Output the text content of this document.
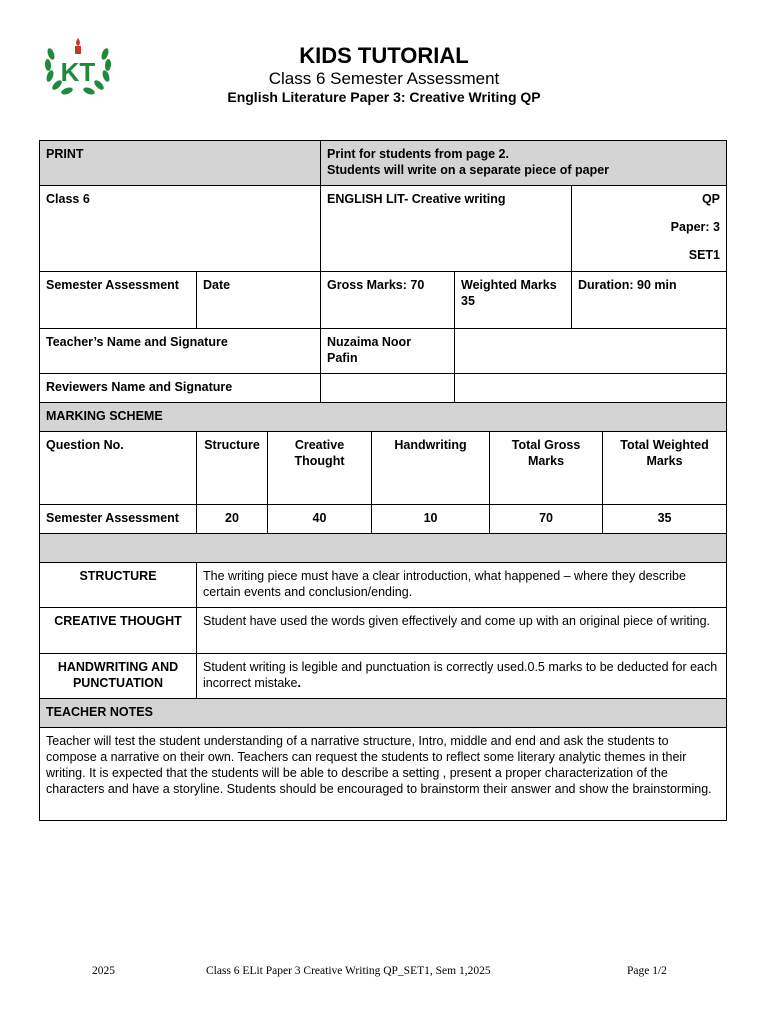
KT
KIDS TUTORIAL
Class 6 Semester Assessment
English Literature Paper 3: Creative Writing QP
PRINT			Print for students from page 2.
Students will write on a separate piece of paper					

Class 6			ENGLISH LIT- Creative writing				QP
Paper: 3
SET1	

Semester Assessment	Date		Gross Marks: 70		Weighted Marks 35		Duration: 90 min	
Teacher’s Name and Signature			Nuzaima Noor
Pafin					

Reviewers Name and Signature								
MARKING SCHEME								
Question No.	Structure	Creative Thought		Handwriting		Total Gross Marks		Total Weighted Marks
Semester Assessment	20	40		10		70		35

STRUCTURE	The writing piece must have a clear introduction, what happened – where they describe certain events and conclusion/ending.							
CREATIVE THOUGHT	Student have used the words given effectively and come up with an original piece of writing.							

HANDWRITING AND
PUNCTUATION	Student writing is legible and punctuation is correctly used.0.5 marks to be deducted for each incorrect mistake.							
TEACHER NOTES								
Teacher will test the student understanding of a narrative structure, Intro, middle and end and ask the students to compose a narrative on their own. Teachers can request the students to reflect some literary analytic themes in their writing. It is expected that the students will be able to describe a setting , present a proper characterization of the characters and have a storyline. Students should be encouraged to brainstorm their answer and show the brainstorming.								
2025	Class 6 ELit Paper 3 Creative Writing QP_SET1, Sem 1,2025	Page 1/2
